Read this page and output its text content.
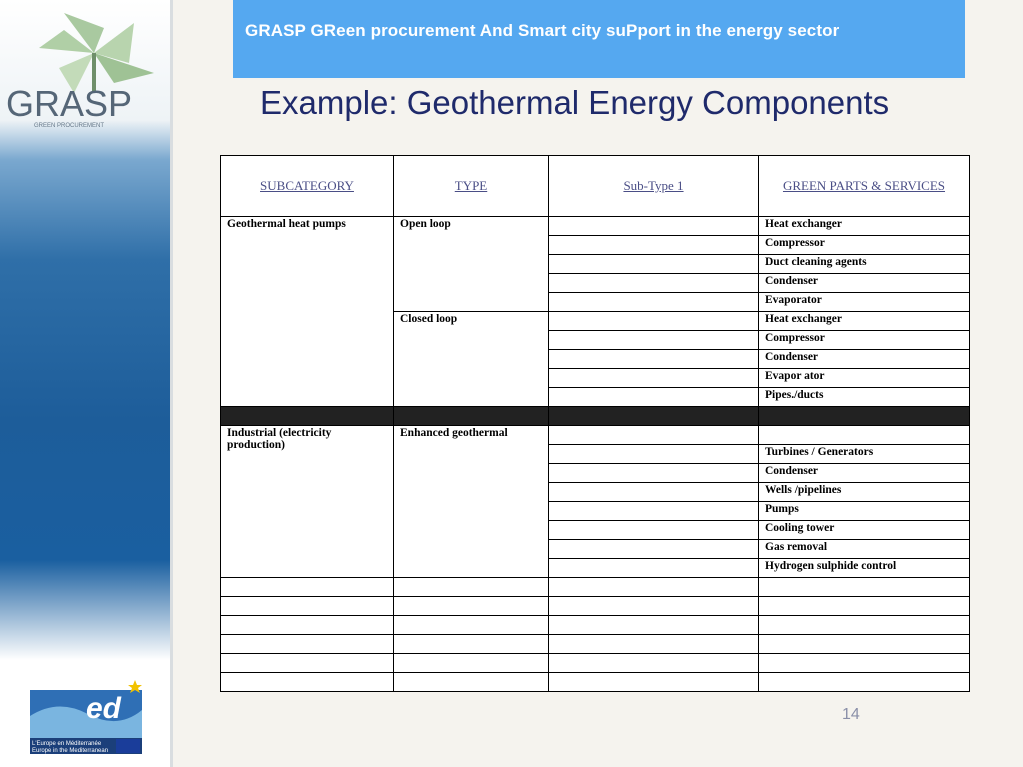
GRASP
GREEN PROCUREMENT
ed
L'Europe en Méditerranée
Europe in the Mediterranean
GRASP GReen procurement And Smart city suPport in the energy sector
Example: Geothermal Energy Components
SUBCATEGORY	TYPE	Sub-Type 1	GREEN PARTS & SERVICES
Geothermal heat pumps	Open loop		Heat exchanger
			Compressor
			Duct cleaning agents
			Condenser
			Evaporator
	Closed loop		Heat exchanger
			Compressor
			Condenser
			Evapor ator
			Pipes./ducts

Industrial (electricity production)	Enhanced geothermal		
			Turbines / Generators
			Condenser
			Wells /pipelines
			Pumps
			Cooling tower
			Gas removal
			Hydrogen sulphide control

14
